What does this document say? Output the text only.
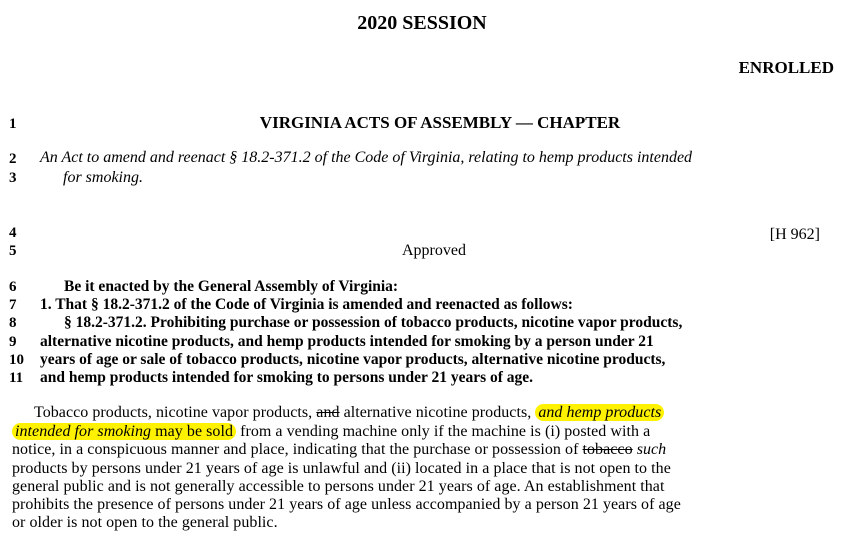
2020 SESSION
ENROLLED
1
2
3
4
5
6
7
8
9
10
11
VIRGINIA ACTS OF ASSEMBLY — CHAPTER
An Act to amend and reenact § 18.2-371.2 of the Code of Virginia, relating to hemp products intended
for smoking.
[H 962]
Approved
Be it enacted by the General Assembly of Virginia:
1. That § 18.2-371.2 of the Code of Virginia is amended and reenacted as follows:
§ 18.2-371.2. Prohibiting purchase or possession of tobacco products, nicotine vapor products,
alternative nicotine products, and hemp products intended for smoking by a person under 21
years of age or sale of tobacco products, nicotine vapor products, alternative nicotine products,
and hemp products intended for smoking to persons under 21 years of age.
Tobacco products, nicotine vapor products, and alternative nicotine products, and hemp products
intended for smoking may be sold from a vending machine only if the machine is (i) posted with a
notice, in a conspicuous manner and place, indicating that the purchase or possession of tobacco such
products by persons under 21 years of age is unlawful and (ii) located in a place that is not open to the
general public and is not generally accessible to persons under 21 years of age. An establishment that
prohibits the presence of persons under 21 years of age unless accompanied by a person 21 years of age
or older is not open to the general public.
